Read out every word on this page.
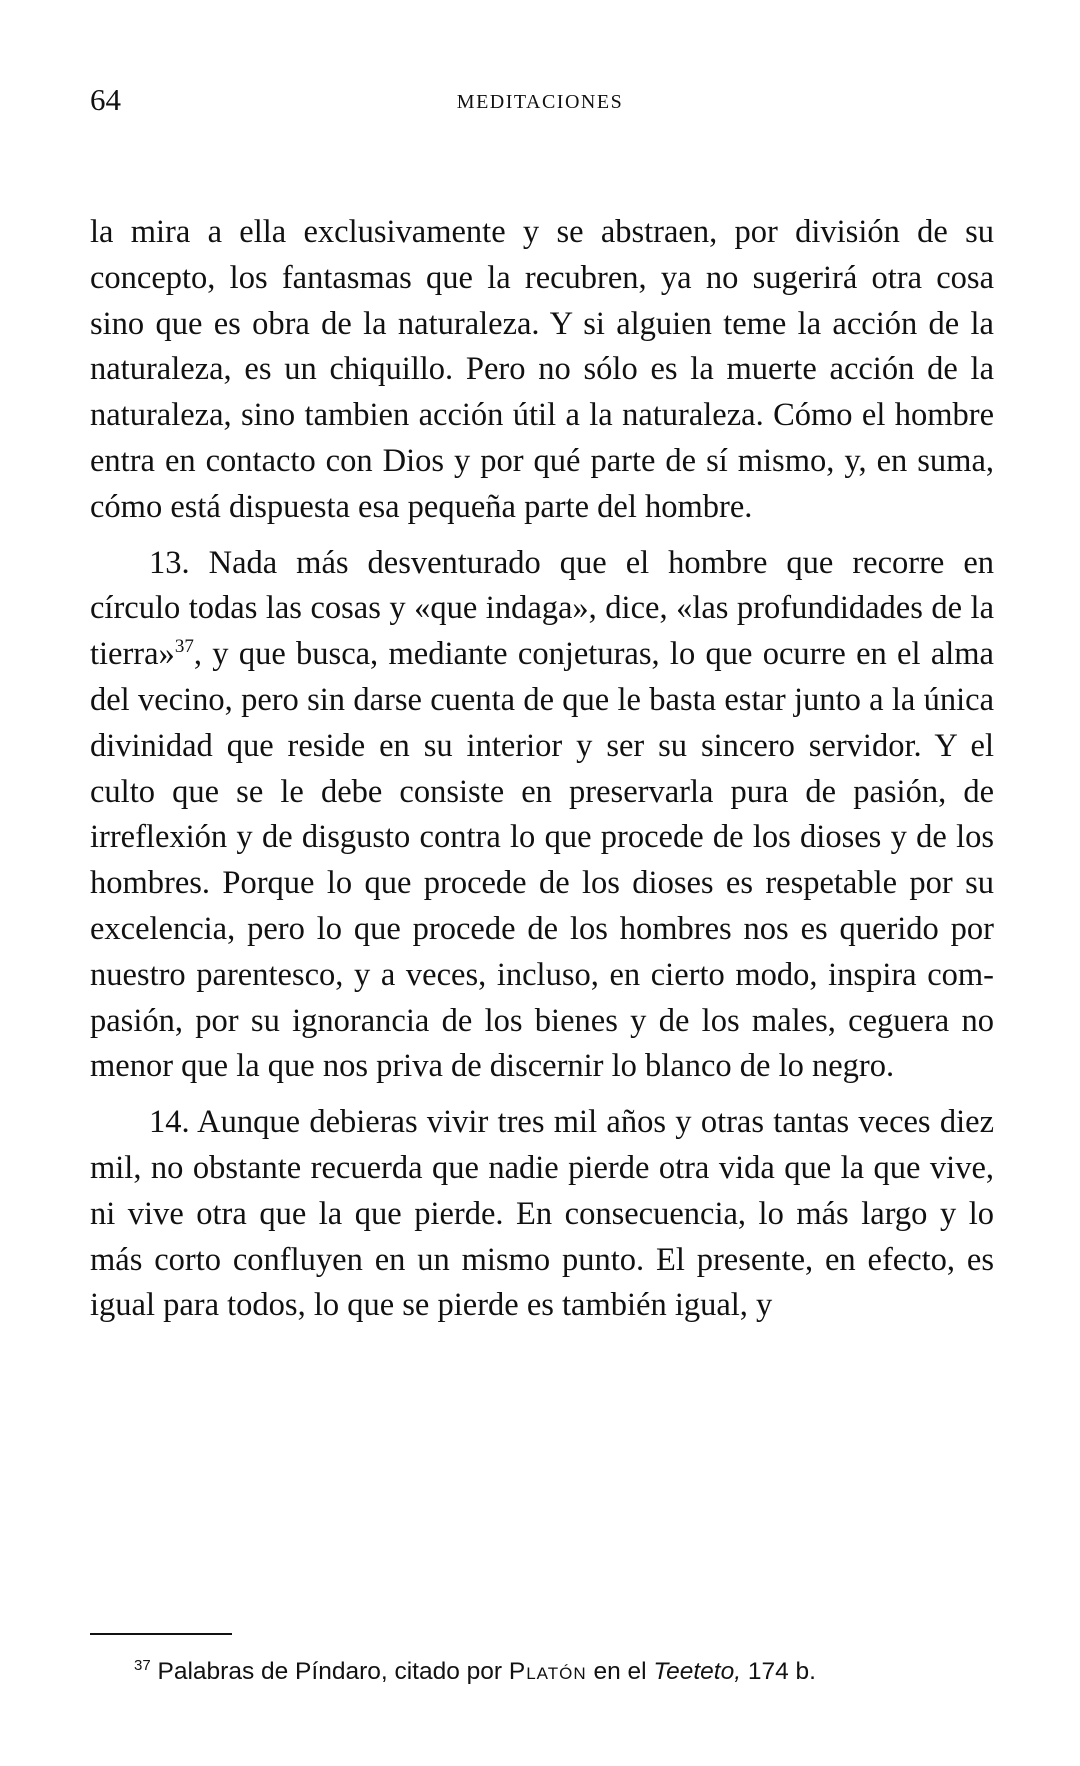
64	MEDITACIONES

la mira a ella exclusivamente y se abstraen, por división de su concepto, los fantasmas que la recubren, ya no sugerirá otra cosa sino que es obra de la naturaleza. Y si alguien teme la acción de la naturaleza, es un chiquillo. Pero no sólo es la muerte acción de la naturaleza, sino tambien acción útil a la naturaleza. Cómo el hombre entra en contacto con Dios y por qué parte de sí mismo, y, en suma, cómo está dispuesta esa pequeña parte del hombre.

13. Nada más desventurado que el hombre que recorre en círculo todas las cosas y «que indaga», dice, «las profundidades de la tierra»$^{37}$, y que busca, mediante conjeturas, lo que ocurre en el alma del vecino, pero sin darse cuenta de que le basta estar junto a la única divinidad que reside en su interior y ser su sincero servidor. Y el culto que se le debe consiste en preservarla pura de pasión, de irreflexión y de disgusto contra lo que procede de los dioses y de los hombres. Porque lo que procede de los dioses es respetable por su excelencia, pero lo que procede de los hombres nos es querido por nuestro parentesco, y a veces, incluso, en cierto modo, inspira compasión, por su ignorancia de los bienes y de los males, ceguera no menor que la que nos priva de discernir lo blanco de lo negro.

14. Aunque debieras vivir tres mil años y otras tantas veces diez mil, no obstante recuerda que nadie pierde otra vida que la que vive, ni vive otra que la que pierde. En consecuencia, lo más largo y lo más corto confluyen en un mismo punto. El presente, en efecto, es igual para todos, lo que se pierde es también igual, y

$^{37}$ Palabras de Píndaro, citado por Platón en el Teeteto, 174 b.
